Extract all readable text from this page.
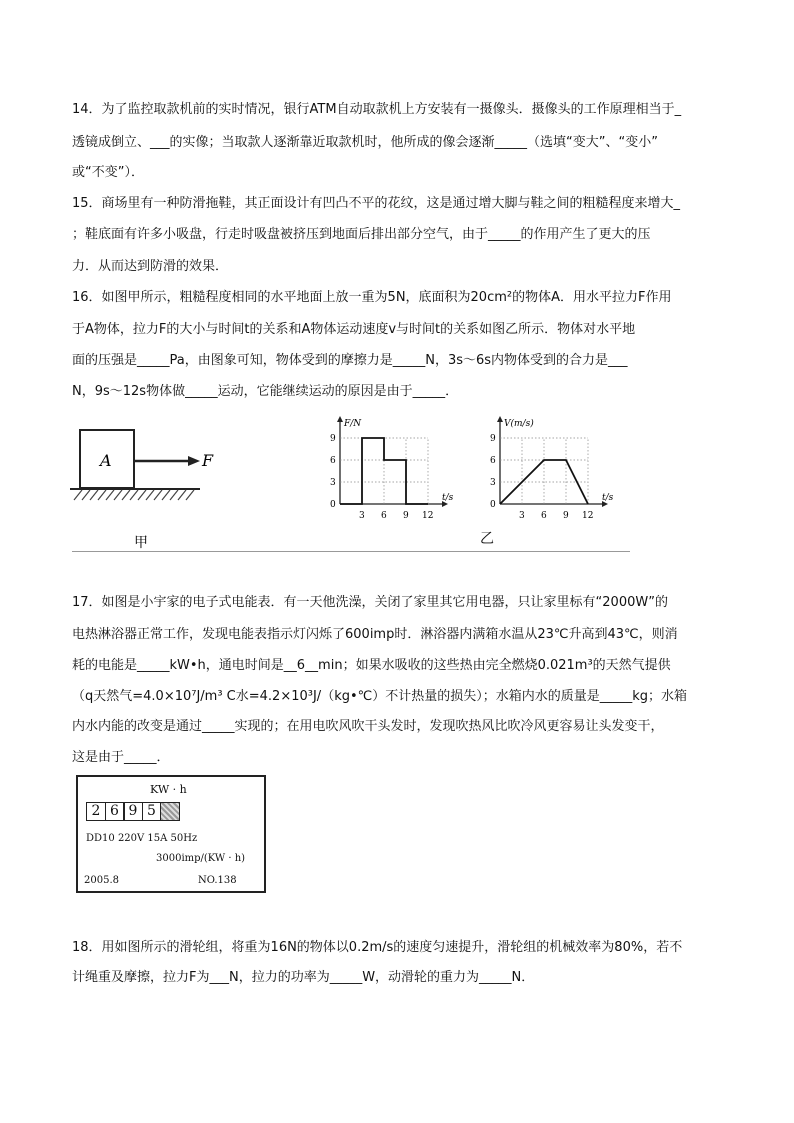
14．为了监控取款机前的实时情况，银行ATM自动取款机上方安装有一摄像头．摄像头的工作原理相当于_
透镜成倒立、___的实像；当取款人逐渐靠近取款机时，他所成的像会逐渐_____（选填“变大”、“变小”
或“不变”）．
15．商场里有一种防滑拖鞋，其正面设计有凹凸不平的花纹，这是通过增大脚与鞋之间的粗糙程度来增大_
；鞋底面有许多小吸盘，行走时吸盘被挤压到地面后排出部分空气，由于_____的作用产生了更大的压
力．从而达到防滑的效果．
16．如图甲所示，粗糙程度相同的水平地面上放一重为5N，底面积为20cm²的物体A．用水平拉力F作用
于A物体，拉力F的大小与时间t的关系和A物体运动速度v与时间t的关系如图乙所示．物体对水平地
面的压强是_____Pa，由图象可知，物体受到的摩擦力是_____N，3s～6s内物体受到的合力是___
N，9s～12s物体做_____运动，它能继续运动的原因是由于_____．
A	F
甲
F/N
t/s
9
6
3
0
3 6 9 12
V(m/s)
t/s
9
6
3
0
3 6 9 12
乙
17．如图是小宇家的电子式电能表．有一天他洗澡，关闭了家里其它用电器，只让家里标有“2000W”的
电热淋浴器正常工作，发现电能表指示灯闪烁了600imp时．淋浴器内满箱水温从23℃升高到43℃，则消
耗的电能是_____kW•h，通电时间是__6__min；如果水吸收的这些热由完全燃烧0.021m³的天然气提供
（q天然气=4.0×10⁷J/m³ C水=4.2×10³J/（kg•℃）不计热量的损失）；水箱内水的质量是_____kg；水箱
内水内能的改变是通过_____实现的；在用电吹风吹干头发时，发现吹热风比吹冷风更容易让头发变干，
这是由于_____．
KW · h
2 6 9 5
DD10 220V 15A 50Hz
3000imp/(KW · h)
2005.8	NO.138
18．用如图所示的滑轮组，将重为16N的物体以0.2m/s的速度匀速提升，滑轮组的机械效率为80%，若不
计绳重及摩擦，拉力F为___N，拉力的功率为_____W，动滑轮的重力为_____N．
